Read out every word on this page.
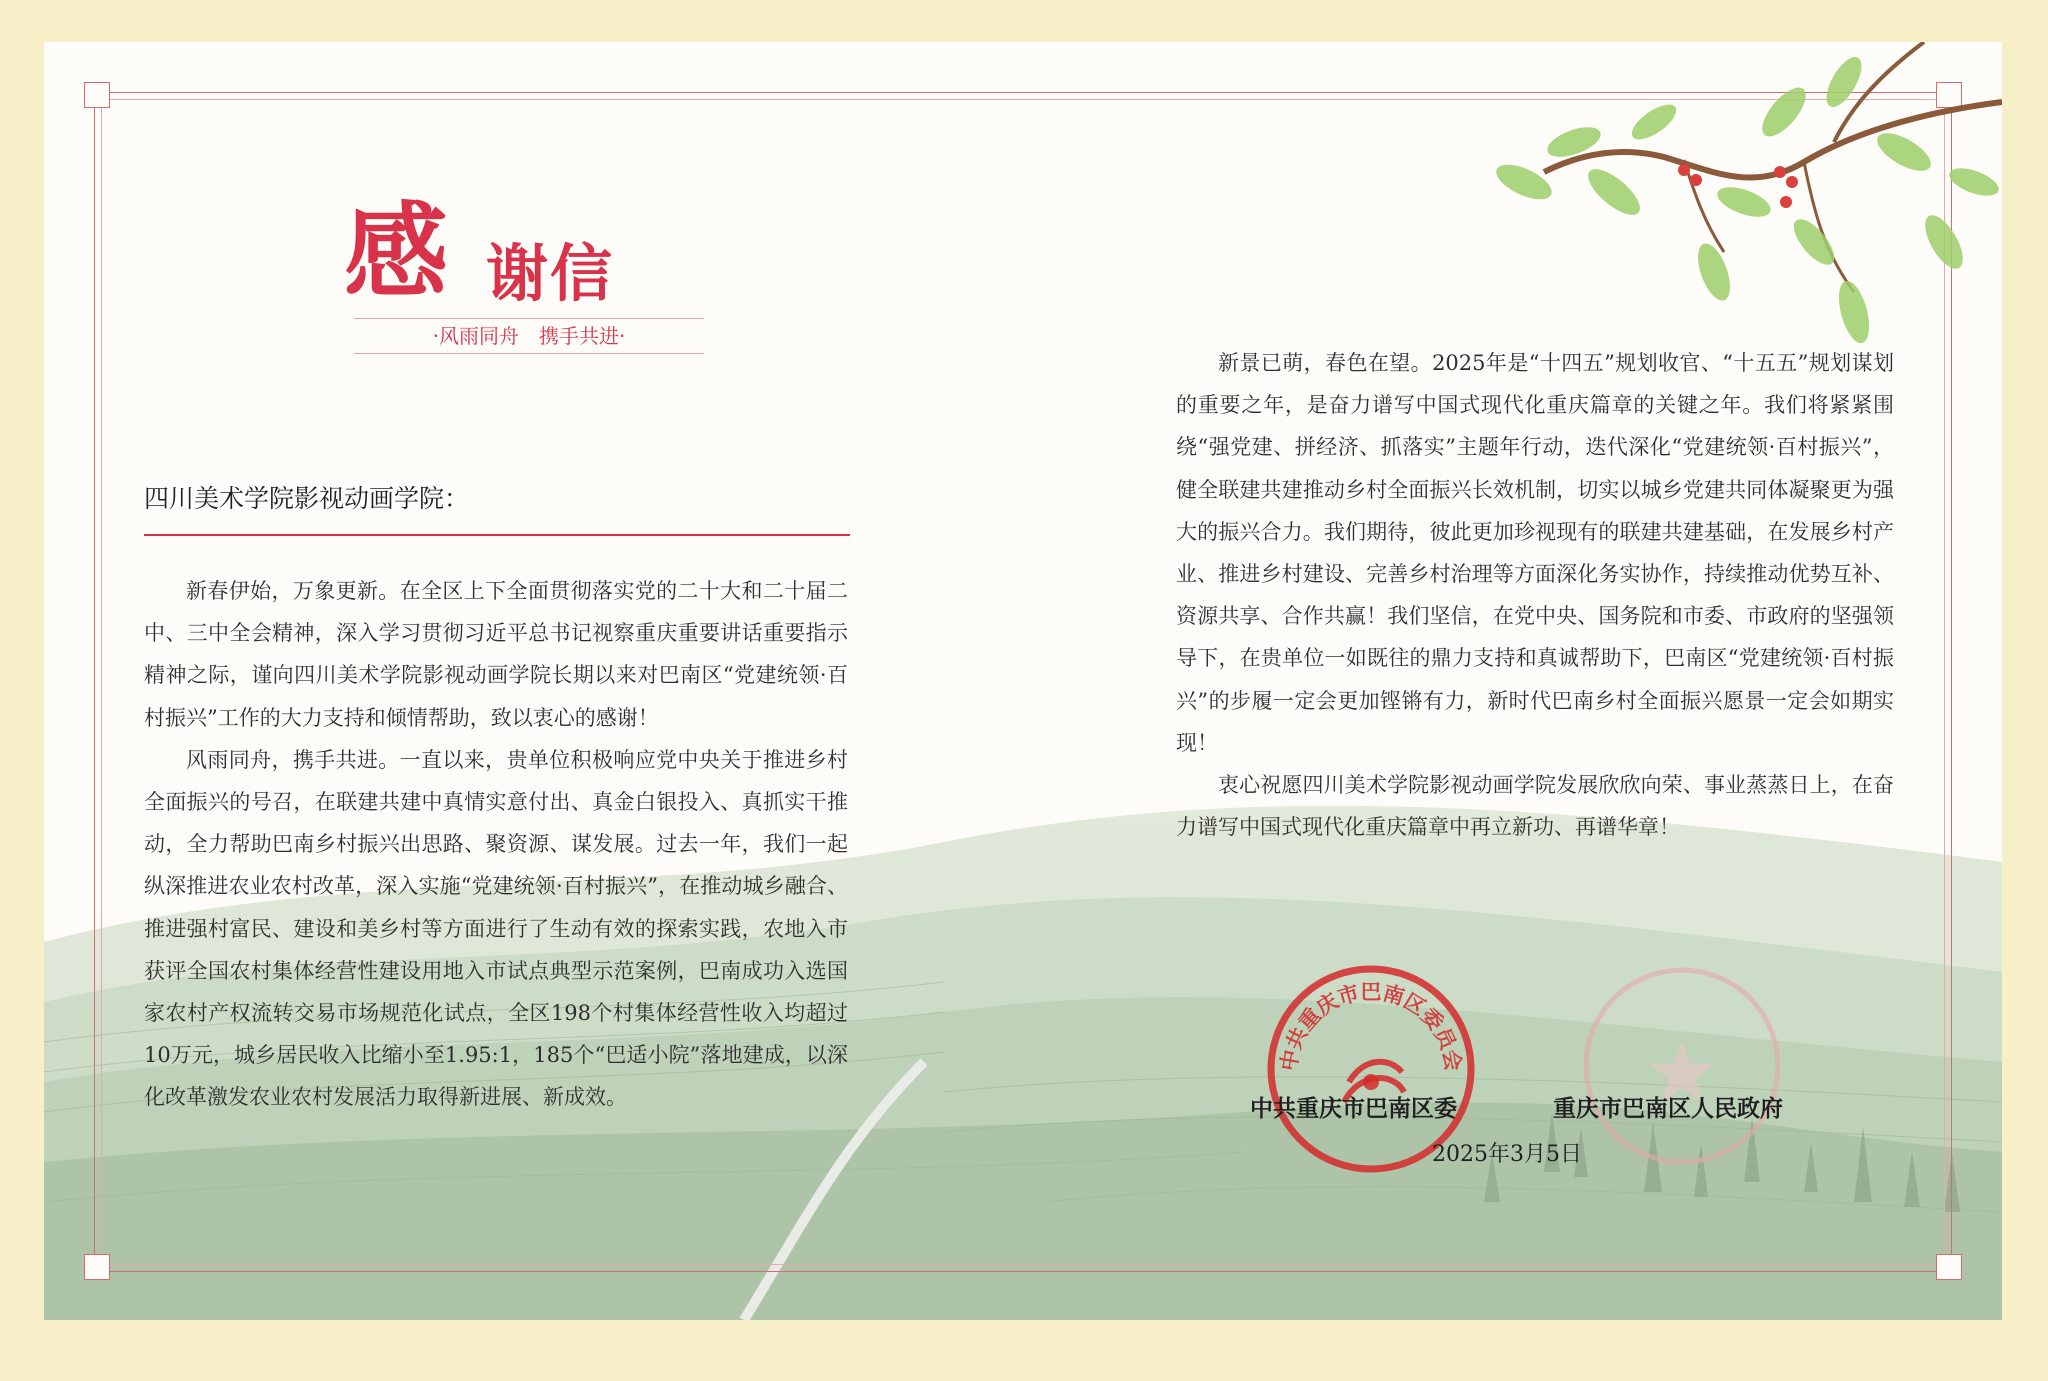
感 谢信
·风雨同舟　携手共进·
四川美术学院影视动画学院：

新春伊始，万象更新。在全区上下全面贯彻落实党的二十大和二十届二中、三中全会精神，深入学习贯彻习近平总书记视察重庆重要讲话重要指示精神之际，谨向四川美术学院影视动画学院长期以来对巴南区“党建统领·百村振兴”工作的大力支持和倾情帮助，致以衷心的感谢！

风雨同舟，携手共进。一直以来，贵单位积极响应党中央关于推进乡村全面振兴的号召，在联建共建中真情实意付出、真金白银投入、真抓实干推动，全力帮助巴南乡村振兴出思路、聚资源、谋发展。过去一年，我们一起纵深推进农业农村改革，深入实施“党建统领·百村振兴”，在推动城乡融合、推进强村富民、建设和美乡村等方面进行了生动有效的探索实践，农地入市获评全国农村集体经营性建设用地入市试点典型示范案例，巴南成功入选国家农村产权流转交易市场规范化试点，全区198个村集体经营性收入均超过10万元，城乡居民收入比缩小至1.95:1，185个“巴适小院”落地建成，以深化改革激发农业农村发展活力取得新进展、新成效。

新景已萌，春色在望。2025年是“十四五”规划收官、“十五五”规划谋划的重要之年，是奋力谱写中国式现代化重庆篇章的关键之年。我们将紧紧围绕“强党建、拼经济、抓落实”主题年行动，迭代深化“党建统领·百村振兴”，健全联建共建推动乡村全面振兴长效机制，切实以城乡党建共同体凝聚更为强大的振兴合力。我们期待，彼此更加珍视现有的联建共建基础，在发展乡村产业、推进乡村建设、完善乡村治理等方面深化务实协作，持续推动优势互补、资源共享、合作共赢！我们坚信，在党中央、国务院和市委、市政府的坚强领导下，在贵单位一如既往的鼎力支持和真诚帮助下，巴南区“党建统领·百村振兴”的步履一定会更加铿锵有力，新时代巴南乡村全面振兴愿景一定会如期实现！

衷心祝愿四川美术学院影视动画学院发展欣欣向荣、事业蒸蒸日上，在奋力谱写中国式现代化重庆篇章中再立新功、再谱华章！

中共重庆市巴南区委员会
中共重庆市巴南区委	重庆市巴南区人民政府
2025年3月5日
